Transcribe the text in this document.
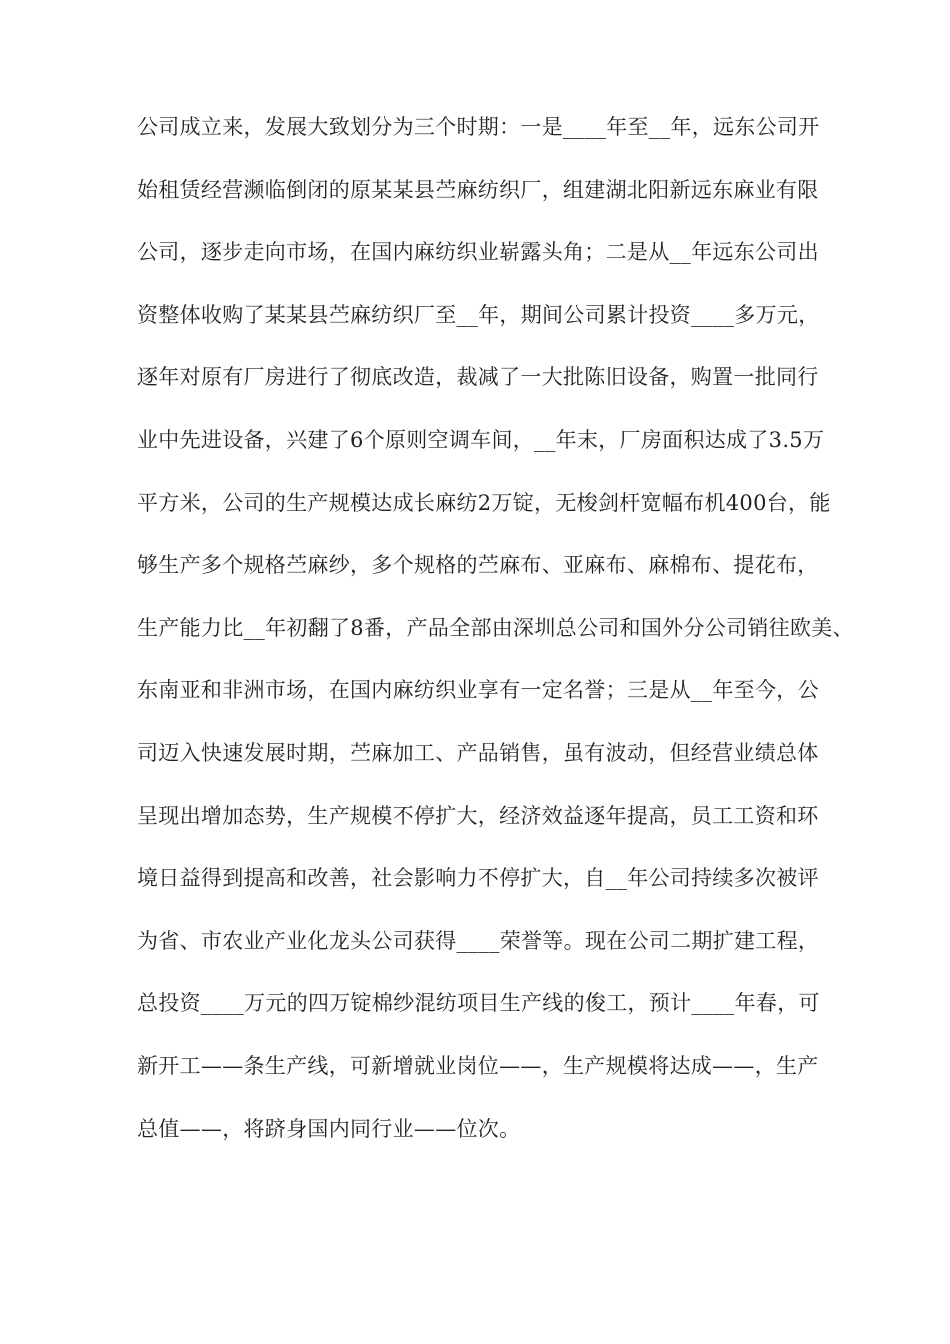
公司成立来，发展大致划分为三个时期：一是____年至__年，远东公司开
始租赁经营濒临倒闭的原某某县苎麻纺织厂，组建湖北阳新远东麻业有限
公司，逐步走向市场，在国内麻纺织业崭露头角；二是从__年远东公司出
资整体收购了某某县苎麻纺织厂至__年，期间公司累计投资____多万元，
逐年对原有厂房进行了彻底改造，裁减了一大批陈旧设备，购置一批同行
业中先进设备，兴建了6个原则空调车间，__年末，厂房面积达成了3.5万
平方米，公司的生产规模达成长麻纺2万锭，无梭剑杆宽幅布机400台，能
够生产多个规格苎麻纱，多个规格的苎麻布、亚麻布、麻棉布、提花布，
生产能力比__年初翻了8番，产品全部由深圳总公司和国外分公司销往欧美、
东南亚和非洲市场，在国内麻纺织业享有一定名誉；三是从__年至今，公
司迈入快速发展时期，苎麻加工、产品销售，虽有波动，但经营业绩总体
呈现出增加态势，生产规模不停扩大，经济效益逐年提高，员工工资和环
境日益得到提高和改善，社会影响力不停扩大，自__年公司持续多次被评
为省、市农业产业化龙头公司获得____荣誉等。现在公司二期扩建工程，
总投资____万元的四万锭棉纱混纺项目生产线的俊工，预计____年春，可
新开工——条生产线，可新增就业岗位——，生产规模将达成——，生产
总值——，将跻身国内同行业——位次。
